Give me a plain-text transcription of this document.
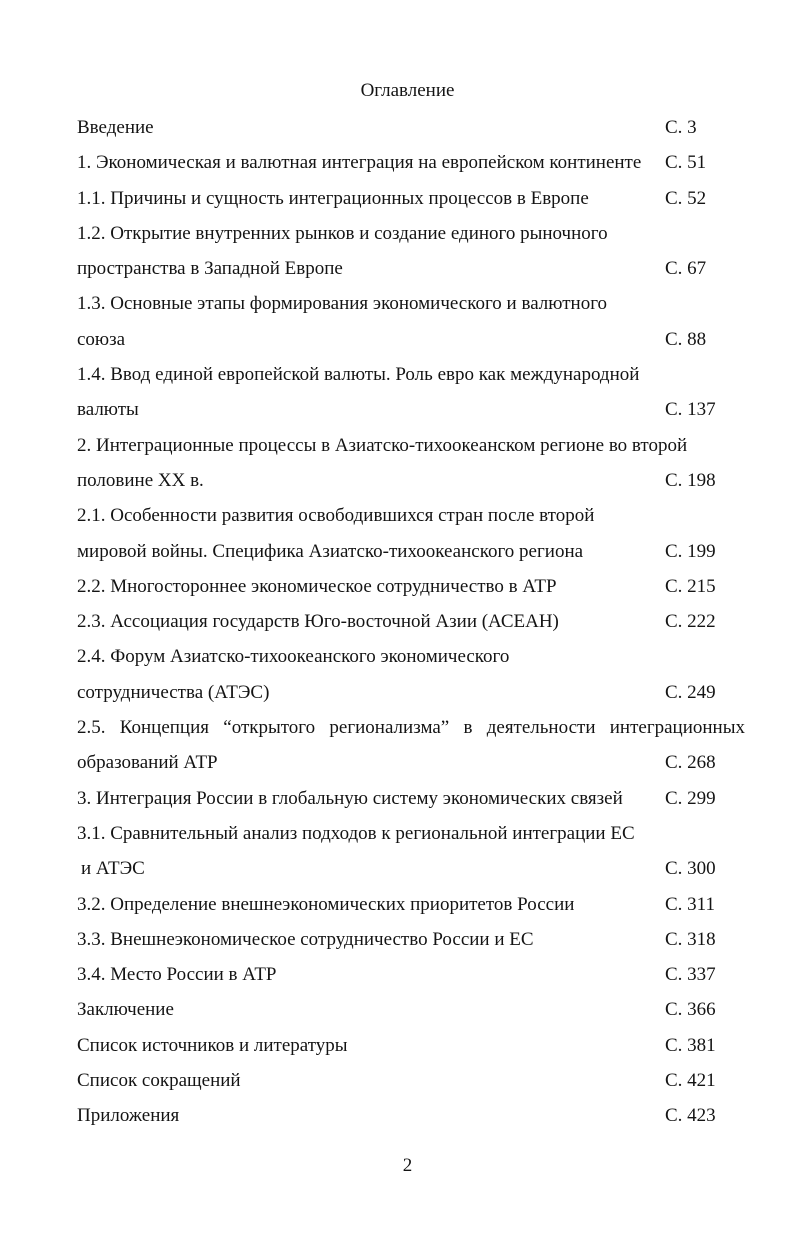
Оглавление
Введение	С. 3
1. Экономическая и валютная интеграция на европейском континенте С. 51
1.1. Причины и сущность интеграционных процессов в Европе	С. 52
1.2. Открытие внутренних рынков и создание единого рыночного
пространства в Западной Европе	С. 67
1.3. Основные этапы формирования экономического и валютного
союза	С. 88
1.4. Ввод единой европейской валюты. Роль евро как международной
валюты	С. 137
2. Интеграционные процессы в Азиатско-тихоокеанском регионе во второй
половине XX в.	С. 198
2.1. Особенности развития освободившихся стран после второй
мировой войны. Специфика Азиатско-тихоокеанского региона	С. 199
2.2. Многостороннее экономическое сотрудничество в АТР	С. 215
2.3. Ассоциация государств Юго-восточной Азии (АСЕАН)	С. 222
2.4. Форум Азиатско-тихоокеанского экономического
сотрудничества (АТЭС)	С. 249
2.5. Концепция “открытого регионализма” в деятельности интеграционных
образований АТР	С. 268
3. Интеграция России в глобальную систему экономических связей С. 299
3.1. Сравнительный анализ подходов к региональной интеграции ЕС
и АТЭС	С. 300
3.2. Определение внешнеэкономических приоритетов России	С. 311
3.3. Внешнеэкономическое сотрудничество России и ЕС	С. 318
3.4. Место России в АТР	С. 337
Заключение	С. 366
Список источников и литературы	С. 381
Список сокращений	С. 421
Приложения	С. 423
2
